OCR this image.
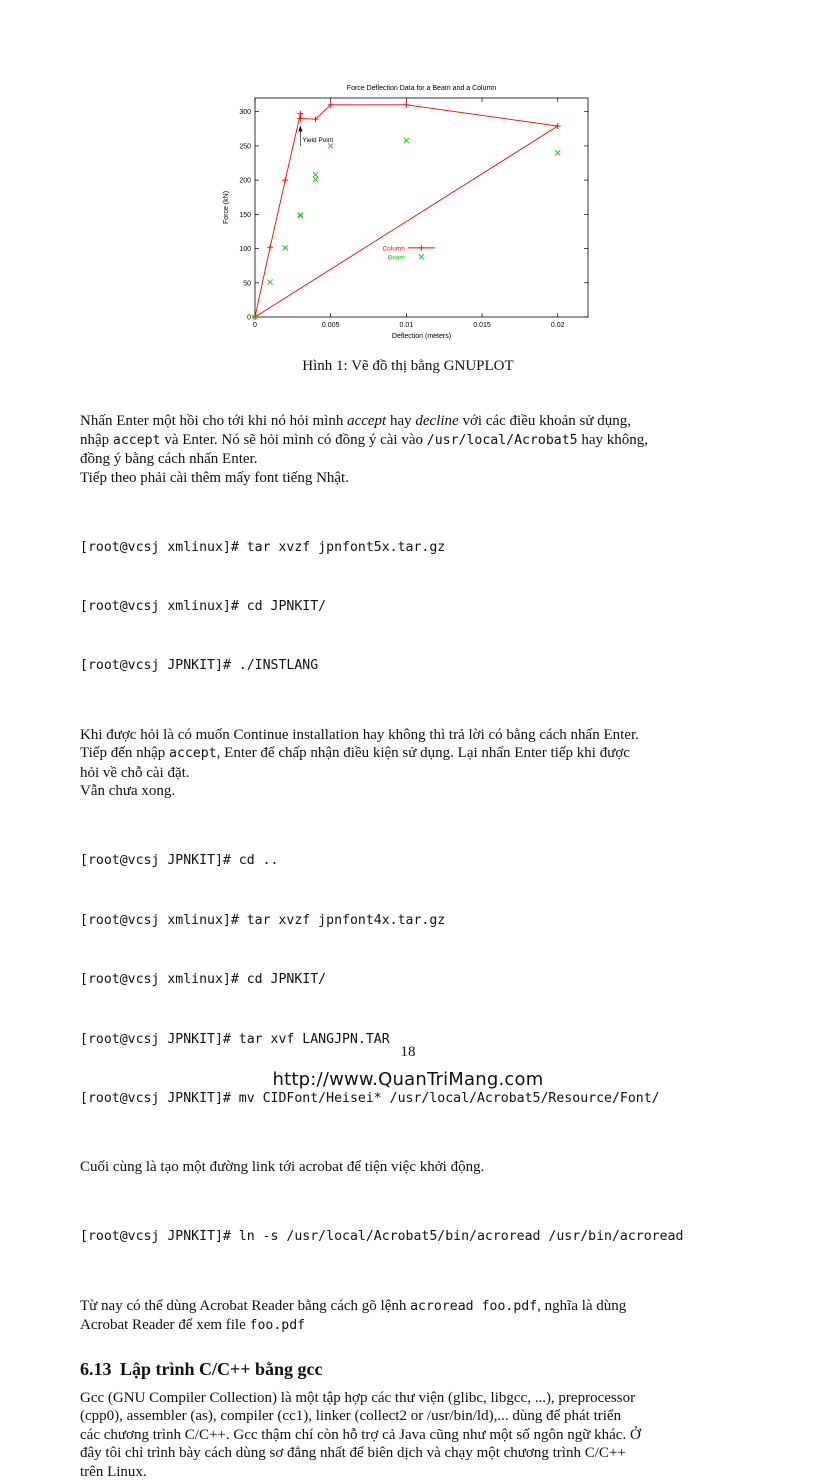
Force Deflection Data for a Beam and a Column
0	0.005	0.01	0.015	0.02
0
50
100
150
200
250
300
Deflection (meters)
Force (kN)
Yield Point
Column
Beam
Hình 1: Vẽ đồ thị bằng GNUPLOT

Nhấn Enter một hồi cho tới khi nó hỏi mình accept hay decline với các điều khoản sử dụng,
nhập accept và Enter. Nó sẽ hỏi mình có đồng ý cài vào /usr/local/Acrobat5 hay không,
đồng ý bằng cách nhấn Enter.
Tiếp theo phải cài thêm mấy font tiếng Nhật.

[root@vcsj xmlinux]# tar xvzf jpnfont5x.tar.gz

[root@vcsj xmlinux]# cd JPNKIT/

[root@vcsj JPNKIT]# ./INSTLANG

Khi được hỏi là có muốn Continue installation hay không thì trả lời có bằng cách nhấn Enter.
Tiếp đến nhập accept, Enter để chấp nhận điều kiện sử dụng. Lại nhấn Enter tiếp khi được
hỏi về chỗ cài đặt.
Vẫn chưa xong.

[root@vcsj JPNKIT]# cd ..

[root@vcsj xmlinux]# tar xvzf jpnfont4x.tar.gz

[root@vcsj xmlinux]# cd JPNKIT/

[root@vcsj JPNKIT]# tar xvf LANGJPN.TAR

[root@vcsj JPNKIT]# mv CIDFont/Heisei* /usr/local/Acrobat5/Resource/Font/

Cuối cùng là tạo một đường link tới acrobat để tiện việc khởi động.

[root@vcsj JPNKIT]# ln -s /usr/local/Acrobat5/bin/acroread /usr/bin/acroread

Từ nay có thể dùng Acrobat Reader bằng cách gõ lệnh acroread foo.pdf, nghĩa là dùng
Acrobat Reader để xem file foo.pdf

6.13 Lập trình C/C++ bằng gcc

Gcc (GNU Compiler Collection) là một tập hợp các thư viện (glibc, libgcc, ...), preprocessor
(cpp0), assembler (as), compiler (cc1), linker (collect2 or /usr/bin/ld),... dùng để phát triển
các chương trình C/C++. Gcc thậm chí còn hỗ trợ cả Java cũng như một số ngôn ngữ khác. Ở
đây tôi chỉ trình bày cách dùng sơ đẳng nhất để biên dịch và chạy một chương trình C/C++
trên Linux.

18
http://www.QuanTriMang.com
